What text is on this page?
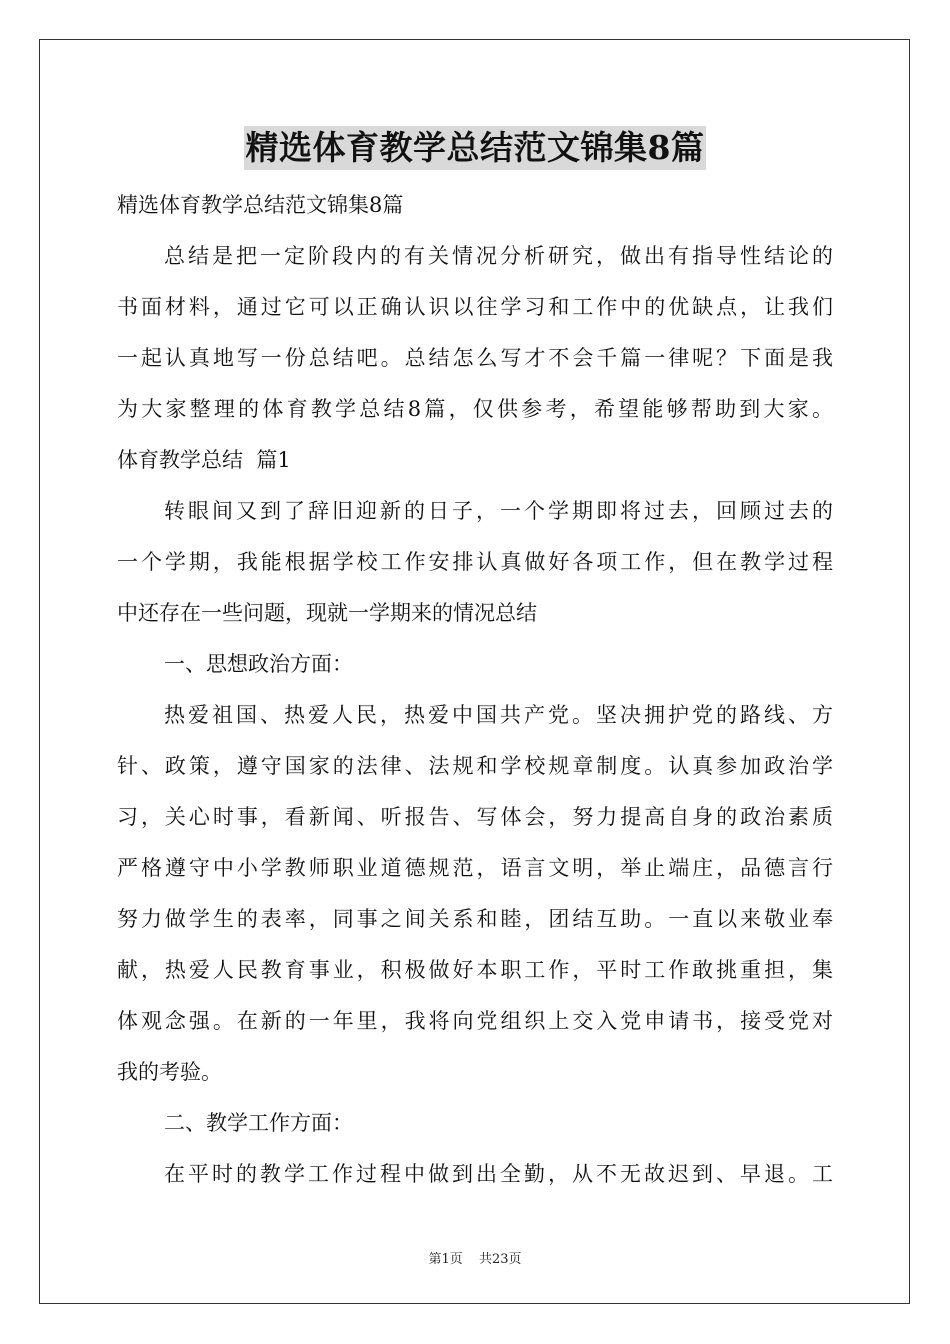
精选体育教学总结范文锦集8篇
精选体育教学总结范文锦集8篇
总结是把一定阶段内的有关情况分析研究，做出有指导性结论的
书面材料，通过它可以正确认识以往学习和工作中的优缺点，让我们
一起认真地写一份总结吧。总结怎么写才不会千篇一律呢？下面是我
为大家整理的体育教学总结8篇，仅供参考，希望能够帮助到大家。
体育教学总结  篇1
转眼间又到了辞旧迎新的日子，一个学期即将过去，回顾过去的
一个学期，我能根据学校工作安排认真做好各项工作，但在教学过程
中还存在一些问题，现就一学期来的情况总结
一、思想政治方面：
热爱祖国、热爱人民，热爱中国共产党。坚决拥护党的路线、方
针、政策，遵守国家的法律、法规和学校规章制度。认真参加政治学
习，关心时事，看新闻、听报告、写体会，努力提高自身的政治素质
严格遵守中小学教师职业道德规范，语言文明，举止端庄，品德言行
努力做学生的表率，同事之间关系和睦，团结互助。一直以来敬业奉
献，热爱人民教育事业，积极做好本职工作，平时工作敢挑重担，集
体观念强。在新的一年里，我将向党组织上交入党申请书，接受党对
我的考验。
二、教学工作方面：
在平时的教学工作过程中做到出全勤，从不无故迟到、早退。工
第1页 共23页
